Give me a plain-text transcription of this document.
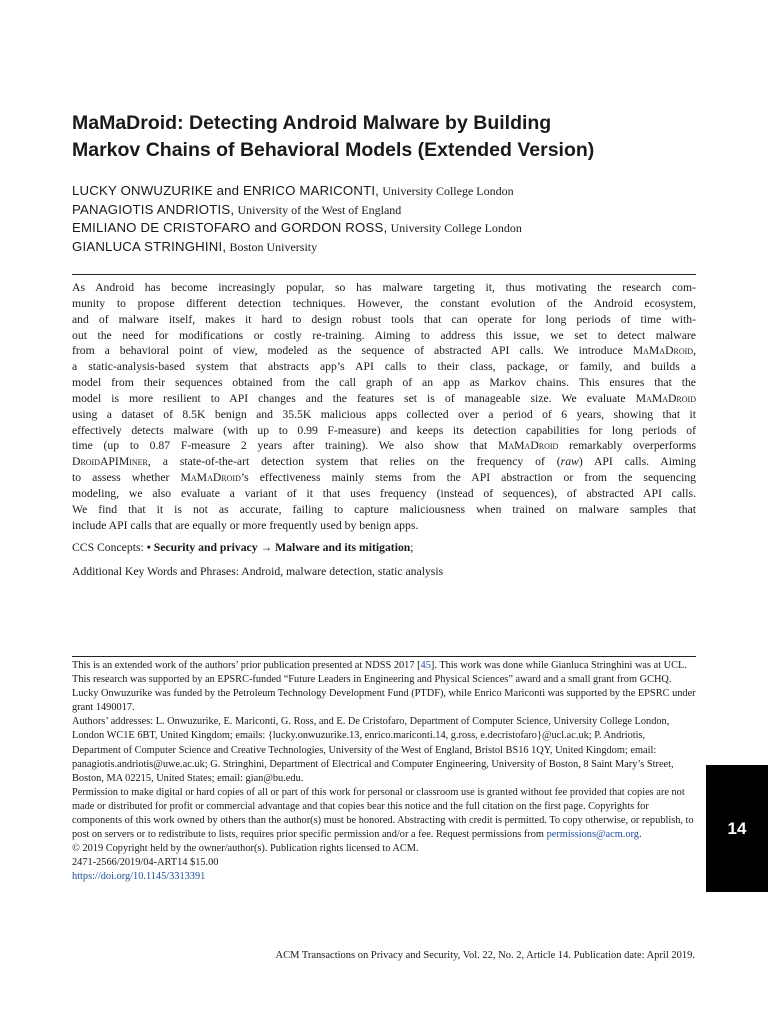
MaMaDroid: Detecting Android Malware by Building
Markov Chains of Behavioral Models (Extended Version)
LUCKY ONWUZURIKE and ENRICO MARICONTI, University College London
PANAGIOTIS ANDRIOTIS, University of the West of England
EMILIANO DE CRISTOFARO and GORDON ROSS, University College London
GIANLUCA STRINGHINI, Boston University

As Android has become increasingly popular, so has malware targeting it, thus motivating the research com-
munity to propose different detection techniques. However, the constant evolution of the Android ecosystem,
and of malware itself, makes it hard to design robust tools that can operate for long periods of time with-
out the need for modifications or costly re-training. Aiming to address this issue, we set to detect malware
from a behavioral point of view, modeled as the sequence of abstracted API calls. We introduce MaMaDroid,
a static-analysis-based system that abstracts app’s API calls to their class, package, or family, and builds a
model from their sequences obtained from the call graph of an app as Markov chains. This ensures that the
model is more resilient to API changes and the features set is of manageable size. We evaluate MaMaDroid
using a dataset of 8.5K benign and 35.5K malicious apps collected over a period of 6 years, showing that it
effectively detects malware (with up to 0.99 F-measure) and keeps its detection capabilities for long periods of
time (up to 0.87 F-measure 2 years after training). We also show that MaMaDroid remarkably overperforms
DroidAPIMiner, a state-of-the-art detection system that relies on the frequency of (raw) API calls. Aiming
to assess whether MaMaDroid’s effectiveness mainly stems from the API abstraction or from the sequencing
modeling, we also evaluate a variant of it that uses frequency (instead of sequences), of abstracted API calls.
We find that it is not as accurate, failing to capture maliciousness when trained on malware samples that
include API calls that are equally or more frequently used by benign apps.

CCS Concepts: • Security and privacy → Malware and its mitigation;
Additional Key Words and Phrases: Android, malware detection, static analysis

This is an extended work of the authors’ prior publication presented at NDSS 2017 [45]. This work was done while Gianluca Stringhini was at UCL.

This research was supported by an EPSRC-funded “Future Leaders in Engineering and Physical Sciences” award and a small grant from GCHQ. Lucky Onwuzurike was funded by the Petroleum Technology Development Fund (PTDF), while Enrico Mariconti was supported by the EPSRC under grant 1490017.

Authors’ addresses: L. Onwuzurike, E. Mariconti, G. Ross, and E. De Cristofaro, Department of Computer Science, University College London, London WC1E 6BT, United Kingdom; emails: {lucky.onwuzurike.13, enrico.mariconti.14, g.ross, e.decristofaro}@ucl.ac.uk; P. Andriotis, Department of Computer Science and Creative Technologies, University of the West of England, Bristol BS16 1QY, United Kingdom; email: panagiotis.andriotis@uwe.ac.uk; G. Stringhini, Department of Electrical and Computer Engineering, University of Boston, 8 Saint Mary’s Street, Boston, MA 02215, United States; email: gian@bu.edu.

Permission to make digital or hard copies of all or part of this work for personal or classroom use is granted without fee provided that copies are not made or distributed for profit or commercial advantage and that copies bear this notice and the full citation on the first page. Copyrights for components of this work owned by others than the author(s) must be honored. Abstracting with credit is permitted. To copy otherwise, or republish, to post on servers or to redistribute to lists, requires prior specific permission and/or a fee. Request permissions from permissions@acm.org.

© 2019 Copyright held by the owner/author(s). Publication rights licensed to ACM.

2471-2566/2019/04-ART14 $15.00

https://doi.org/10.1145/3313391

ACM Transactions on Privacy and Security, Vol. 22, No. 2, Article 14. Publication date: April 2019.
14
